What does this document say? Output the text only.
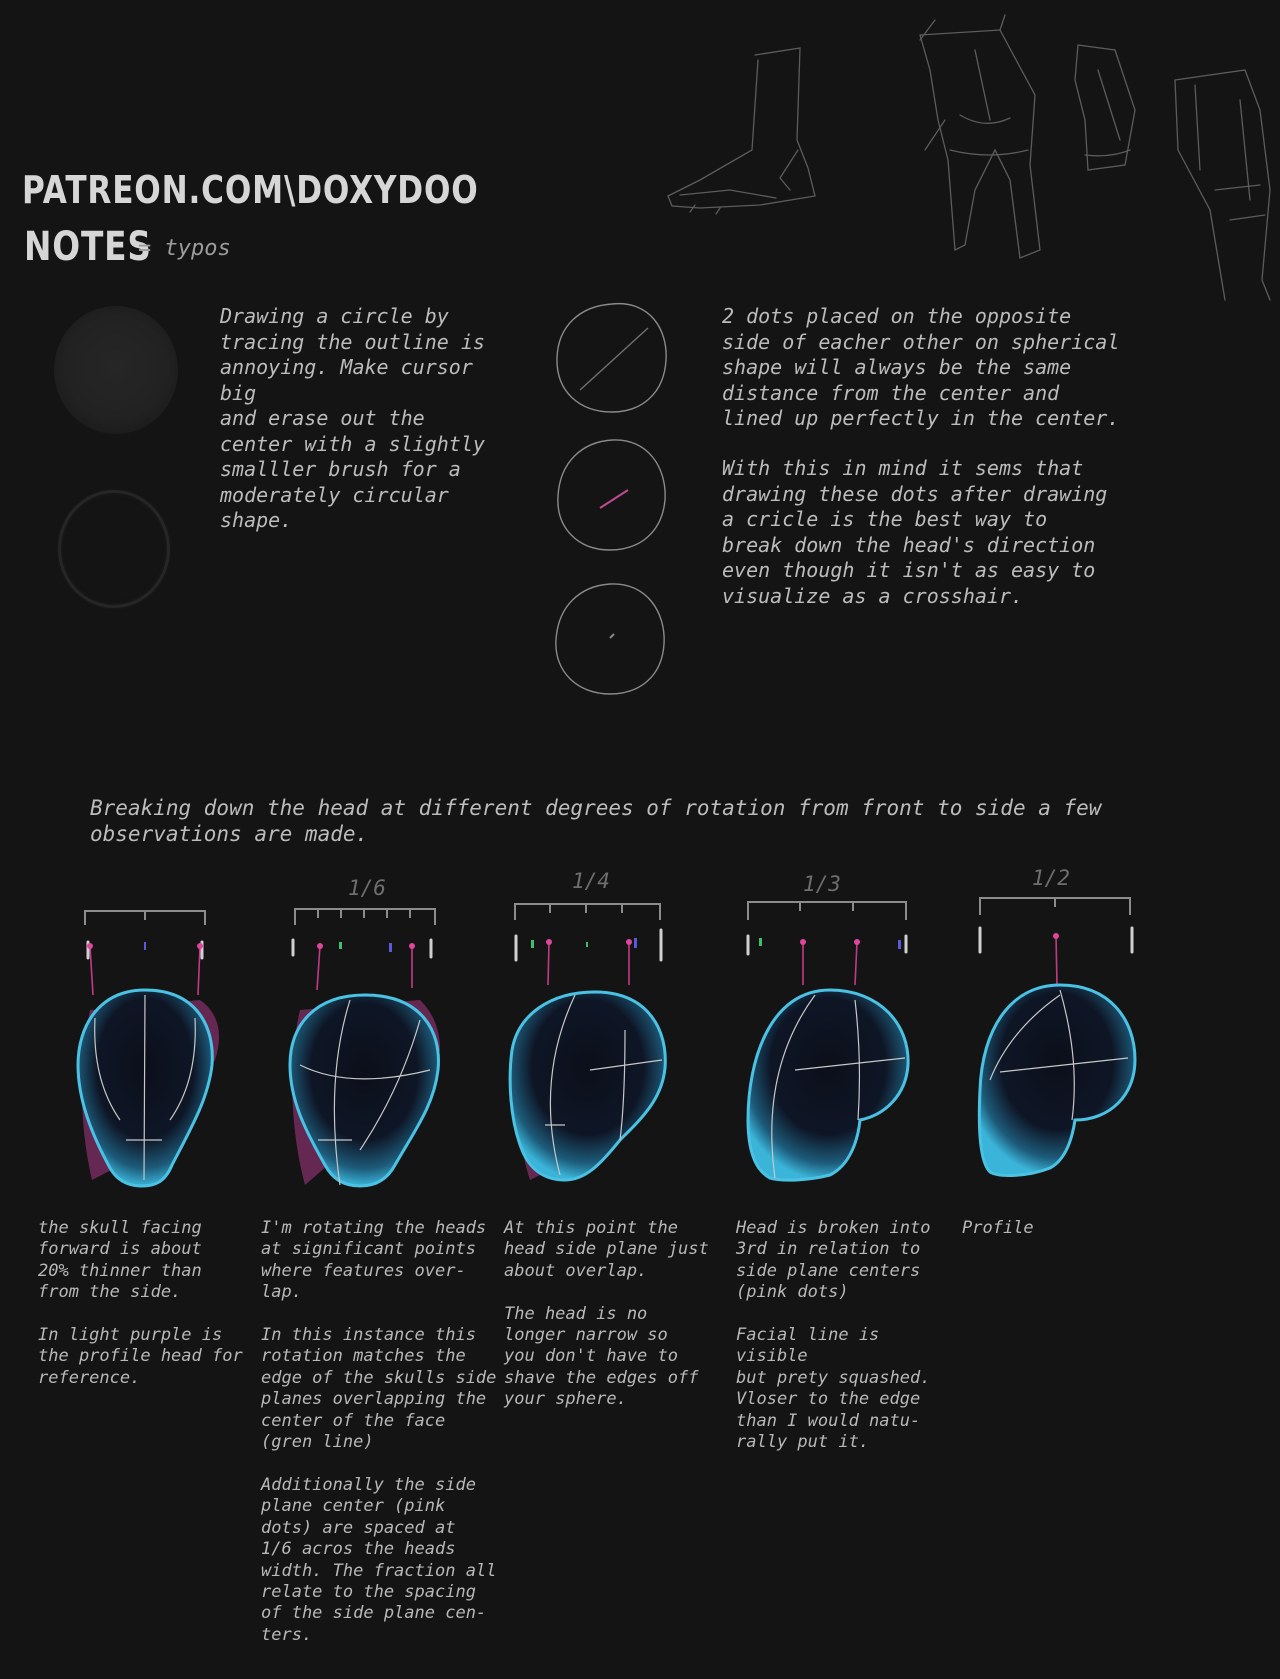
PATREON.COM\DOXYDOO
NOTES
= typos
Drawing a circle by
tracing the outline is
annoying. Make cursor big
and erase out the
center with a slightly
smalller brush for a
moderately circular
shape.
2 dots placed on the opposite
side of eacher other on spherical
shape will always be the same
distance from the center and
lined up perfectly in the center.
With this in mind it sems that
drawing these dots after drawing
a cricle is the best way to
break down the head's direction
even though it isn't as easy to
visualize as a crosshair.
Breaking down the head at different degrees of rotation from front to side a few
observations are made.
1/6	1/4	1/3	1/2
the skull facing
forward is about
20% thinner than
from the side.

In light purple is
the profile head for
reference.
I'm rotating the heads
at significant points
where features over-
lap.

In this instance this
rotation matches the
edge of the skulls side
planes overlapping the
center of the face
(gren line)

Additionally the side
plane center (pink
dots) are spaced at
1/6 acros the heads
width. The fraction all
relate to the spacing
of the side plane cen-
ters.
At this point the
head side plane just
about overlap.

The head is no
longer narrow so
you don't have to
shave the edges off
your sphere.
Head is broken into
3rd in relation to
side plane centers
(pink dots)

Facial line is visible
but prety squashed.
Vloser to the edge
than I would natu-
rally put it.
Profile
